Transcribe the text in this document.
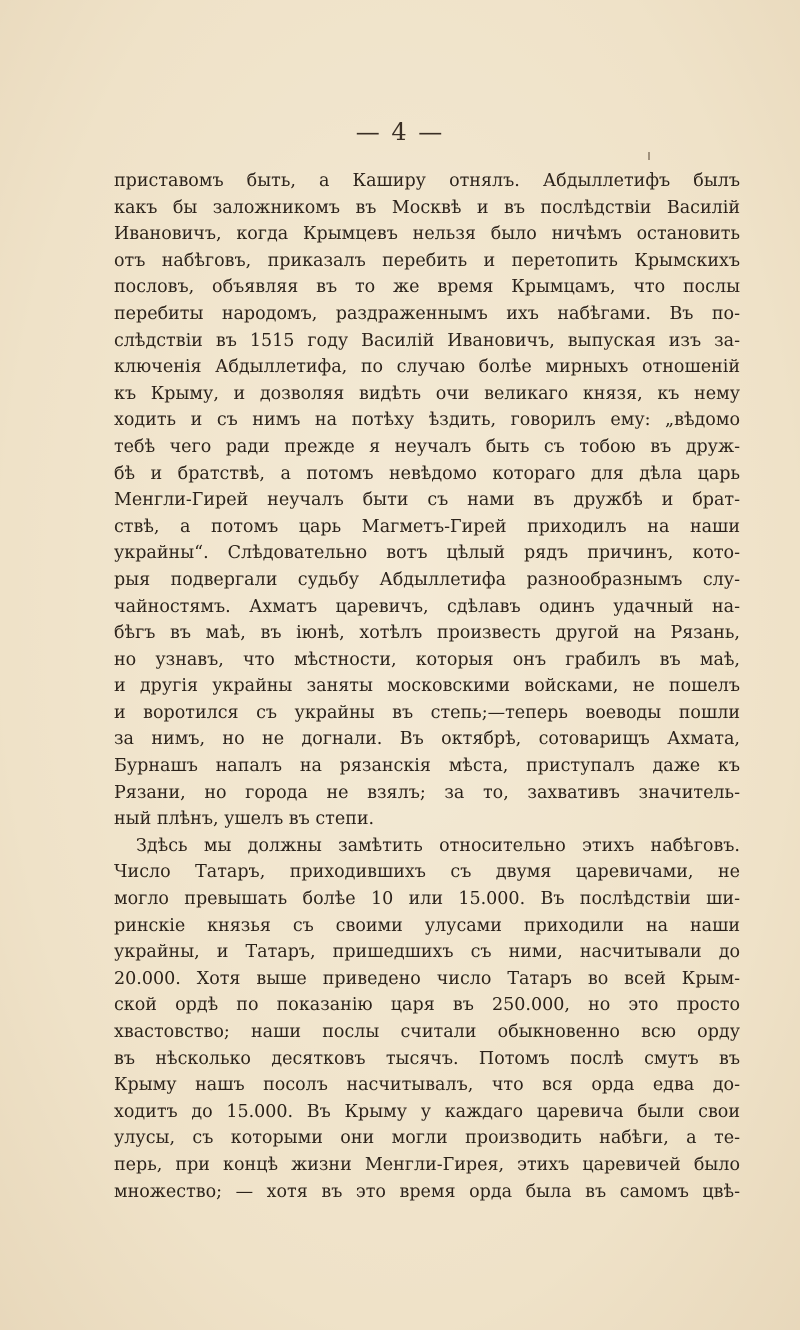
— 4 —
приставомъ быть, а Каширу отнялъ. Абдыллетифъ былъ
какъ бы заложникомъ въ Москвѣ и въ послѣдствіи Василій
Ивановичъ, когда Крымцевъ нельзя было ничѣмъ остановить
отъ набѣговъ, приказалъ перебить и перетопить Крымскихъ
пословъ, объявляя въ то же время Крымцамъ, что послы
перебиты народомъ, раздраженнымъ ихъ набѣгами. Въ по-
слѣдствіи въ 1515 году Василій Ивановичъ, выпуская изъ за-
ключенія Абдыллетифа, по случаю болѣе мирныхъ отношеній
къ Крыму, и дозволяя видѣть очи великаго князя, къ нему
ходить и съ нимъ на потѣху ѣздить, говорилъ ему: „вѣдомо
тебѣ чего ради прежде я неучалъ быть съ тобою въ друж-
бѣ и братствѣ, а потомъ невѣдомо котораго для дѣла царь
Менгли-Гирей неучалъ быти съ нами въ дружбѣ и брат-
ствѣ, а потомъ царь Магметъ-Гирей приходилъ на наши
украйны“. Слѣдовательно вотъ цѣлый рядъ причинъ, кото-
рыя подвергали судьбу Абдыллетифа разнообразнымъ слу-
чайностямъ. Ахматъ царевичъ, сдѣлавъ одинъ удачный на-
бѣгъ въ маѣ, въ іюнѣ, хотѣлъ произвесть другой на Рязань,
но узнавъ, что мѣстности, которыя онъ грабилъ въ маѣ,
и другія украйны заняты московскими войсками, не пошелъ
и воротился съ украйны въ степь;—теперь воеводы пошли
за нимъ, но не догнали. Въ октябрѣ, сотоварищъ Ахмата,
Бурнашъ напалъ на рязанскія мѣста, приступалъ даже къ
Рязани, но города не взялъ; за то, захвативъ значитель-
ный плѣнъ, ушелъ въ степи.
Здѣсь мы должны замѣтить относительно этихъ набѣговъ.
Число Татаръ, приходившихъ съ двумя царевичами, не
могло превышать болѣе 10 или 15.000. Въ послѣдствіи ши-
ринскіе князья съ своими улусами приходили на наши
украйны, и Татаръ, пришедшихъ съ ними, насчитывали до
20.000. Хотя выше приведено число Татаръ во всей Крым-
ской ордѣ по показанію царя въ 250.000, но это просто
хвастовство; наши послы считали обыкновенно всю орду
въ нѣсколько десятковъ тысячъ. Потомъ послѣ смутъ въ
Крыму нашъ посолъ насчитывалъ, что вся орда едва до-
ходитъ до 15.000. Въ Крыму у каждаго царевича были свои
улусы, съ которыми они могли производить набѣги, а те-
перь, при концѣ жизни Менгли-Гирея, этихъ царевичей было
множество; — хотя въ это время орда была въ самомъ цвѣ-
